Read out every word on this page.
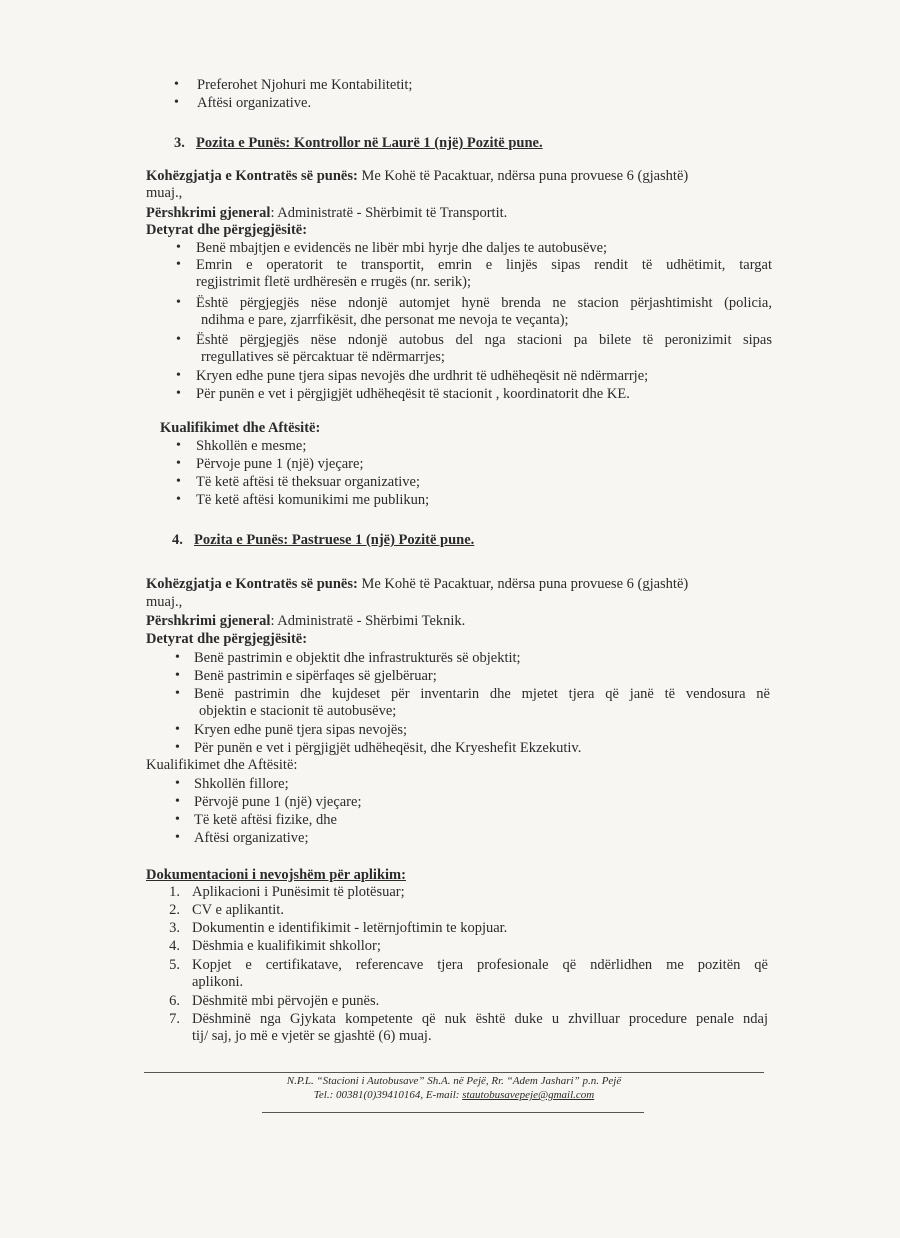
• Preferohet Njohuri me Kontabilitetit;
• Aftësi organizative.
3. Pozita e Punës: Kontrollor në Laurë 1 (një) Pozitë pune.
Kohëzgjatja e Kontratës së punës: Me Kohë të Pacaktuar, ndërsa puna provuese 6 (gjashtë)
muaj.,
Përshkrimi gjeneral: Administratë - Shërbimit të Transportit.
Detyrat dhe përgjegjësitë:
• Benë mbajtjen e evidencës ne libër mbi hyrje dhe daljes te autobusëve;
• Emrin e operatorit te transportit, emrin e linjës sipas rendit të udhëtimit, targat
regjistrimit fletë urdhëresën e rrugës (nr. serik);
• Është përgjegjës nëse ndonjë automjet hynë brenda ne stacion përjashtimisht (policia,
ndihma e pare, zjarrfikësit, dhe personat me nevoja te veçanta);
• Është përgjegjës nëse ndonjë autobus del nga stacioni pa bilete të peronizimit sipas
rregullatives së përcaktuar të ndërmarrjes;
• Kryen edhe pune tjera sipas nevojës dhe urdhrit të udhëheqësit në ndërmarrje;
• Për punën e vet i përgjigjët udhëheqësit të stacionit , koordinatorit dhe KE.
Kualifikimet dhe Aftësitë:
• Shkollën e mesme;
• Përvoje pune 1 (një) vjeçare;
• Të ketë aftësi të theksuar organizative;
• Të ketë aftësi komunikimi me publikun;
4. Pozita e Punës: Pastruese 1 (një) Pozitë pune.
Kohëzgjatja e Kontratës së punës: Me Kohë të Pacaktuar, ndërsa puna provuese 6 (gjashtë)
muaj.,
Përshkrimi gjeneral: Administratë - Shërbimi Teknik.
Detyrat dhe përgjegjësitë:
• Benë pastrimin e objektit dhe infrastrukturës së objektit;
• Benë pastrimin e sipërfaqes së gjelbëruar;
• Benë pastrimin dhe kujdeset për inventarin dhe mjetet tjera që janë të vendosura në
objektin e stacionit të autobusëve;
• Kryen edhe punë tjera sipas nevojës;
• Për punën e vet i përgjigjët udhëheqësit, dhe Kryeshefit Ekzekutiv.
Kualifikimet dhe Aftësitë:
• Shkollën fillore;
• Përvojë pune 1 (një) vjeçare;
• Të ketë aftësi fizike, dhe
• Aftësi organizative;
Dokumentacioni i nevojshëm për aplikim:
1. Aplikacioni i Punësimit të plotësuar;
2. CV e aplikantit.
3. Dokumentin e identifikimit - letërnjoftimin te kopjuar.
4. Dëshmia e kualifikimit shkollor;
5. Kopjet e certifikatave, referencave tjera profesionale që ndërlidhen me pozitën që
aplikoni.
6. Dëshmitë mbi përvojën e punës.
7. Dëshminë nga Gjykata kompetente që nuk është duke u zhvilluar procedure penale ndaj
tij/ saj, jo më e vjetër se gjashtë (6) muaj.
N.P.L. “Stacioni i Autobusave” Sh.A. në Pejë, Rr. “Adem Jashari” p.n. Pejë
Tel.: 00381(0)39410164, E-mail: stautobusavepeje@gmail.com
